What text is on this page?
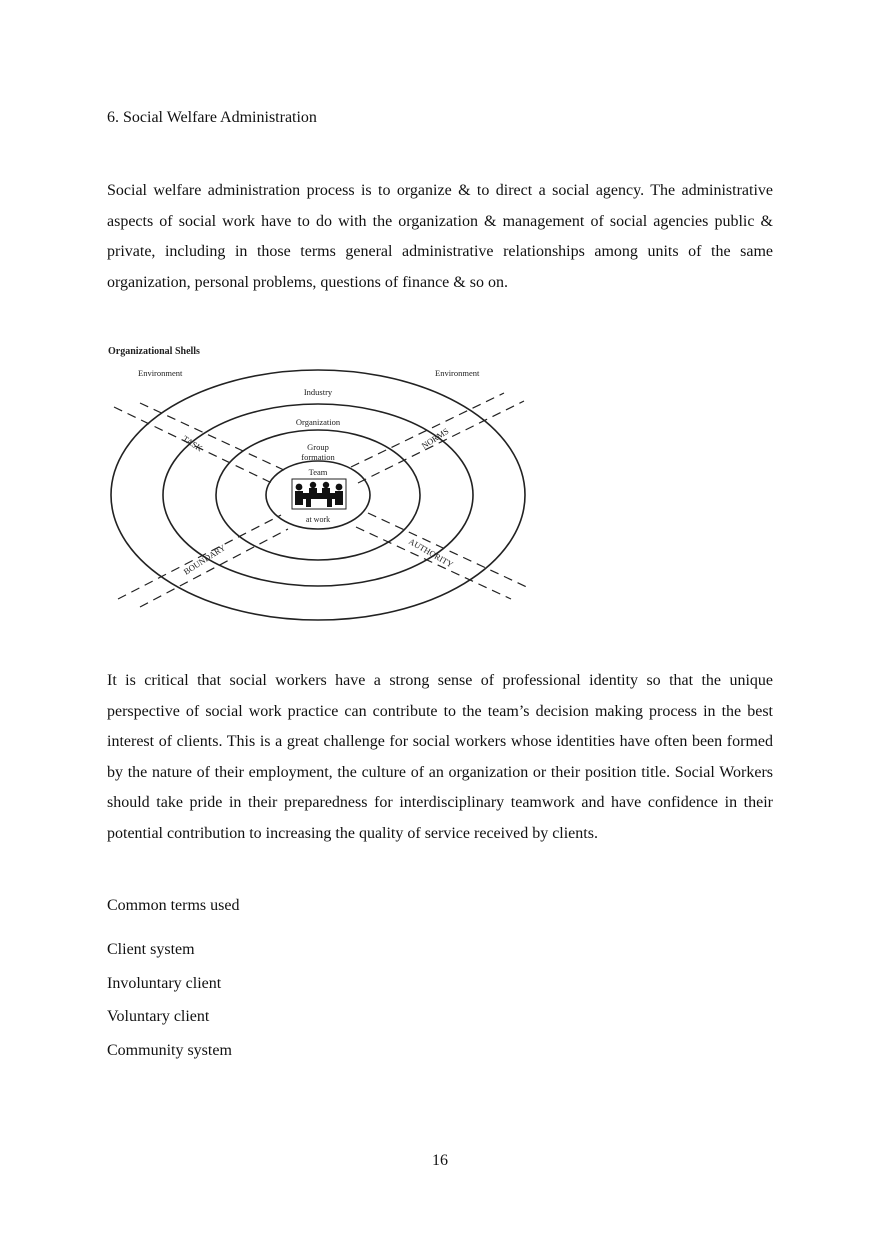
6. Social Welfare Administration

Social welfare administration process is to organize & to direct a social agency. The administrative aspects of social work have to do with the organization & management of social agencies public & private, including in those terms general administrative relationships among units of the same organization, personal problems, questions of finance & so on.

Organizational Shells
Environment	Environment
Industry
Organization
Group
formation
Team
at work
TASK	NORMS
BOUNDARY	AUTHORITY

It is critical that social workers have a strong sense of professional identity so that the unique perspective of social work practice can contribute to the team’s decision making process in the best interest of clients. This is a great challenge for social workers whose identities have often been formed by the nature of their employment, the culture of an organization or their position title. Social Workers should take pride in their preparedness for interdisciplinary teamwork and have confidence in their potential contribution to increasing the quality of service received by clients.

Common terms used
Client system
Involuntary client
Voluntary client
Community system
16
